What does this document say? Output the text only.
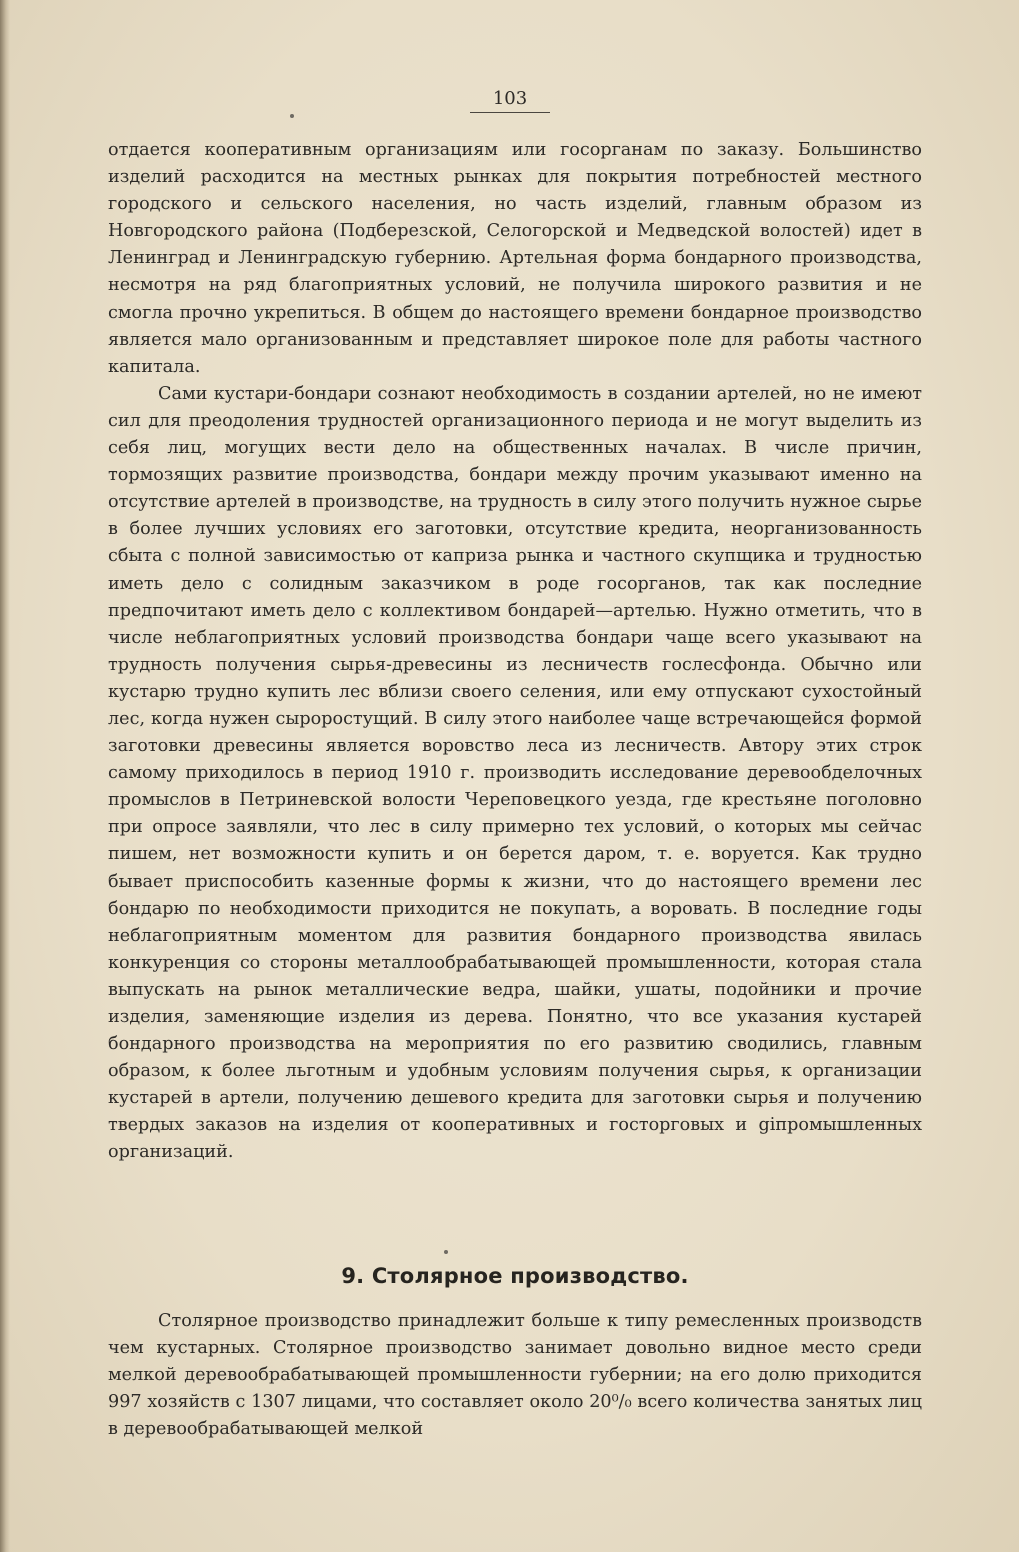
103

отдается кооперативным организациям или госорганам по заказу. Большинство изделий расходится на местных рынках для покрытия потребностей местного городского и сельского населения, но часть изделий, главным образом из Новгородского района (Подберезской, Селогорской и Медведской волостей) идет в Ленинград и Ленинградскую губернию. Артельная форма бондарного производства, несмотря на ряд благоприятных условий, не получила широкого развития и не смогла прочно укрепиться. В общем до настоящего времени бондарное производство является мало организованным и представляет широкое поле для работы частного капитала.

Сами кустари-бондари сознают необходимость в создании артелей, но не имеют сил для преодоления трудностей организационного периода и не могут выделить из себя лиц, могущих вести дело на общественных началах. В числе причин, тормозящих развитие производства, бондари между прочим указывают именно на отсутствие артелей в производстве, на трудность в силу этого получить нужное сырье в более лучших условиях его заготовки, отсутствие кредита, неорганизованность сбыта с полной зависимостью от каприза рынка и частного скупщика и трудностью иметь дело с солидным заказчиком в роде госорганов, так как последние предпочитают иметь дело с коллективом бондарей—артелью. Нужно отметить, что в числе неблагоприятных условий производства бондари чаще всего указывают на трудность получения сырья-древесины из лесничеств гослесфонда. Обычно или кустарю трудно купить лес вблизи своего селения, или ему отпускают сухостойный лес, когда нужен сыроростущий. В силу этого наиболее чаще встречающейся формой заготовки древесины является воровство леса из лесничеств. Автору этих строк самому приходилось в период 1910 г. производить исследование деревообделочных промыслов в Петриневской волости Череповецкого уезда, где крестьяне поголовно при опросе заявляли, что лес в силу примерно тех условий, о которых мы сейчас пишем, нет возможности купить и он берется даром, т. е. воруется. Как трудно бывает приспособить казенные формы к жизни, что до настоящего времени лес бондарю по необходимости приходится не покупать, а воровать. В последние годы неблагоприятным моментом для развития бондарного производства явилась конкуренция со стороны металлообрабатывающей промышленности, которая стала выпускать на рынок металлические ведра, шайки, ушаты, подойники и прочие изделия, заменяющие изделия из дерева. Понятно, что все указания кустарей бондарного производства на мероприятия по его развитию сводились, главным образом, к более льготным и удобным условиям получения сырья, к организации кустарей в артели, получению дешевого кредита для заготовки сырья и получению твердых заказов на изделия от кооперативных и госторговых и giпромышленных организаций.

9. Столярное производство.

Столярное производство принадлежит больше к типу ремесленных производств чем кустарных. Столярное производство занимает довольно видное место среди мелкой деревообрабатывающей промышленности губернии; на его долю приходится 997 хозяйств с 1307 лицами, что составляет около 20⁰/₀ всего количества занятых лиц в деревообрабатывающей мелкой
